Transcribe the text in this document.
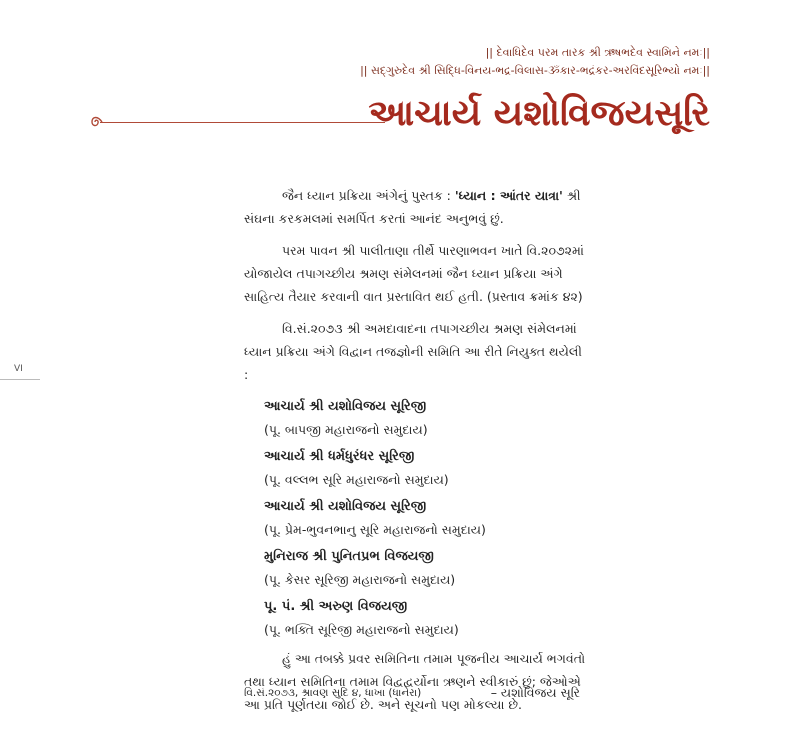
|| દેવાધિદેવ પરમ તારક શ્રી ઋષભદેવ સ્વામિને નમઃ||
|| સદ્ગુરુદેવ શ્રી સિદ્ધિ-વિનય-ભદ્ર-વિલાસ-ૐકાર-ભદ્રંકર-અરવિંદસૂરિભ્યો નમઃ||
આચાર્ય યશોવિજયસૂરિ
VI

જૈન ધ્યાન પ્રક્રિયા અંગેનું પુસ્તક : 'ધ્યાન : આંતર યાત્રા' શ્રી સંઘના કરકમલમાં સમર્પિત કરતાં આનંદ અનુભવું છું.

પરમ પાવન શ્રી પાલીતાણા તીર્થે પારણાભવન ખાતે વિ.૨૦૭૨માં યોજાયેલ તપાગચ્છીય શ્રમણ સંમેલનમાં જૈન ધ્યાન પ્રક્રિયા અંગે સાહિત્ય તૈયાર કરવાની વાત પ્રસ્તાવિત થઈ હતી. (પ્રસ્તાવ ક્રમાંક ૪૨)

વિ.સં.૨૦૭૩ શ્રી અમદાવાદના તપાગચ્છીય શ્રમણ સંમેલનમાં ધ્યાન પ્રક્રિયા અંગે વિદ્વાન તજજ્ઞોની સમિતિ આ રીતે નિયુક્ત થયેલી :

આચાર્ય શ્રી યશોવિજય સૂરિજી
(પૂ. બાપજી મહારાજનો સમુદાય)
આચાર્ય શ્રી ધર્મધુરંધર સૂરિજી
(પૂ. વલ્લભ સૂરિ મહારાજનો સમુદાય)
આચાર્ય શ્રી યશોવિજય સૂરિજી
(પૂ. પ્રેમ-ભુવનભાનુ સૂરિ મહારાજનો સમુદાય)
મુનિરાજ શ્રી પુનિતપ્રભ વિજયજી
(પૂ. કેસર સૂરિજી મહારાજનો સમુદાય)
પૂ. પં. શ્રી અરુણ વિજયજી
(પૂ. ભક્તિ સૂરિજી મહારાજનો સમુદાય)

હું આ તબક્કે પ્રવર સમિતિના તમામ પૂજનીય આચાર્ય ભગવંતો તથા ધ્યાન સમિતિના તમામ વિદ્વદ્વર્યોના ઋણને સ્વીકારું છું; જેઓએ આ પ્રતિ પૂર્ણતયા જોઈ છે. અને સૂચનો પણ મોકલ્યા છે.

વિ.સં.૨૦૭૩, શ્રાવણ સુદિ ૪, ધાખા (ધાનેરા)	– યશોવિજય સૂરિ
